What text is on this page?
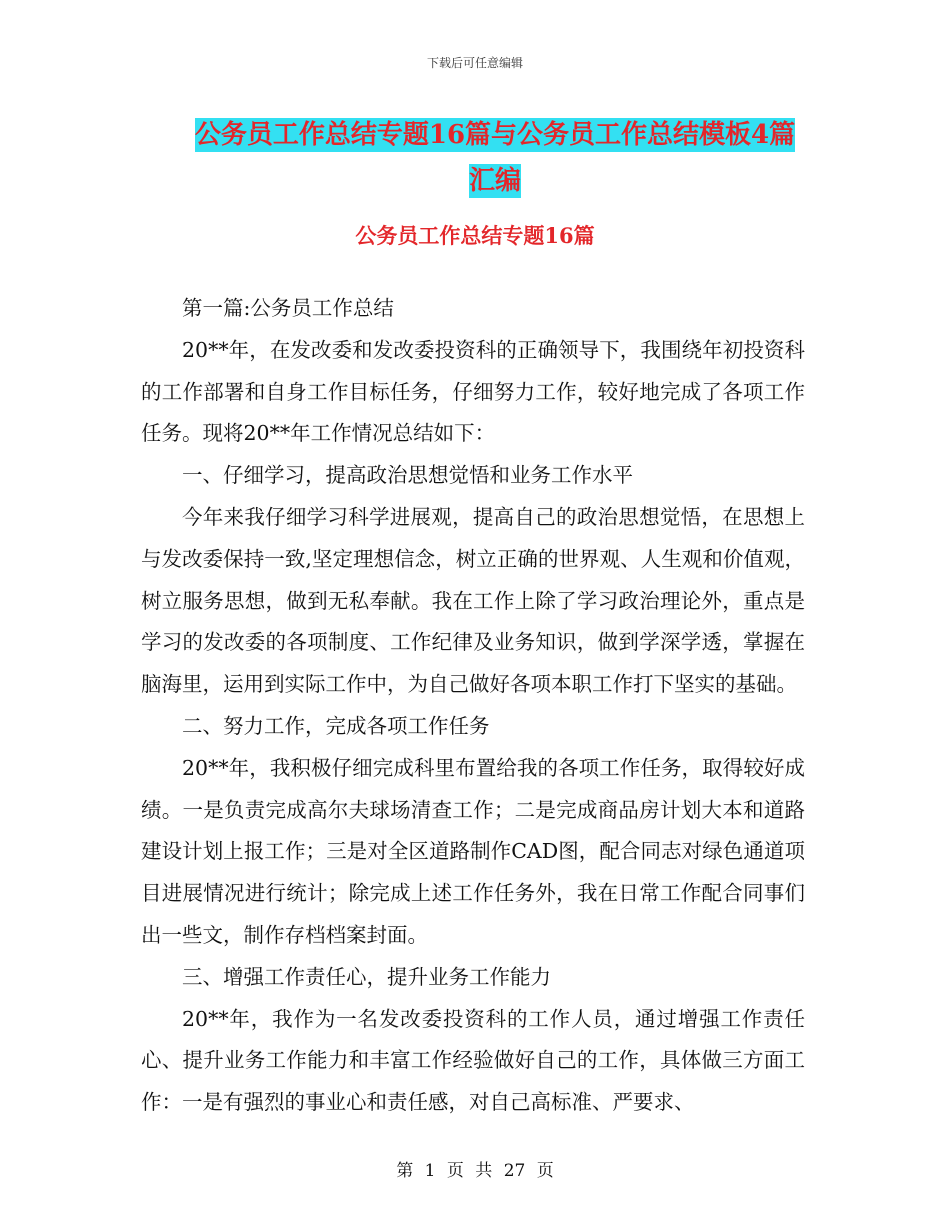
下载后可任意编辑
公务员工作总结专题16篇与公务员工作总结模板4篇
汇编
公务员工作总结专题16篇

第一篇:公务员工作总结

20**年，在发改委和发改委投资科的正确领导下，我围绕年初投资科的工作部署和自身工作目标任务，仔细努力工作，较好地完成了各项工作任务。现将20**年工作情况总结如下：

一、仔细学习，提高政治思想觉悟和业务工作水平

今年来我仔细学习科学进展观，提高自己的政治思想觉悟，在思想上与发改委保持一致,坚定理想信念，树立正确的世界观、人生观和价值观，树立服务思想，做到无私奉献。我在工作上除了学习政治理论外，重点是学习的发改委的各项制度、工作纪律及业务知识，做到学深学透，掌握在脑海里，运用到实际工作中，为自己做好各项本职工作打下坚实的基础。

二、努力工作，完成各项工作任务

20**年，我积极仔细完成科里布置给我的各项工作任务，取得较好成绩。一是负责完成高尔夫球场清查工作；二是完成商品房计划大本和道路建设计划上报工作；三是对全区道路制作CAD图，配合同志对绿色通道项目进展情况进行统计；除完成上述工作任务外，我在日常工作配合同事们出一些文，制作存档档案封面。

三、增强工作责任心，提升业务工作能力

20**年，我作为一名发改委投资科的工作人员，通过增强工作责任心、提升业务工作能力和丰富工作经验做好自己的工作，具体做三方面工作：一是有强烈的事业心和责任感，对自己高标准、严要求、

第 1 页 共 27 页
